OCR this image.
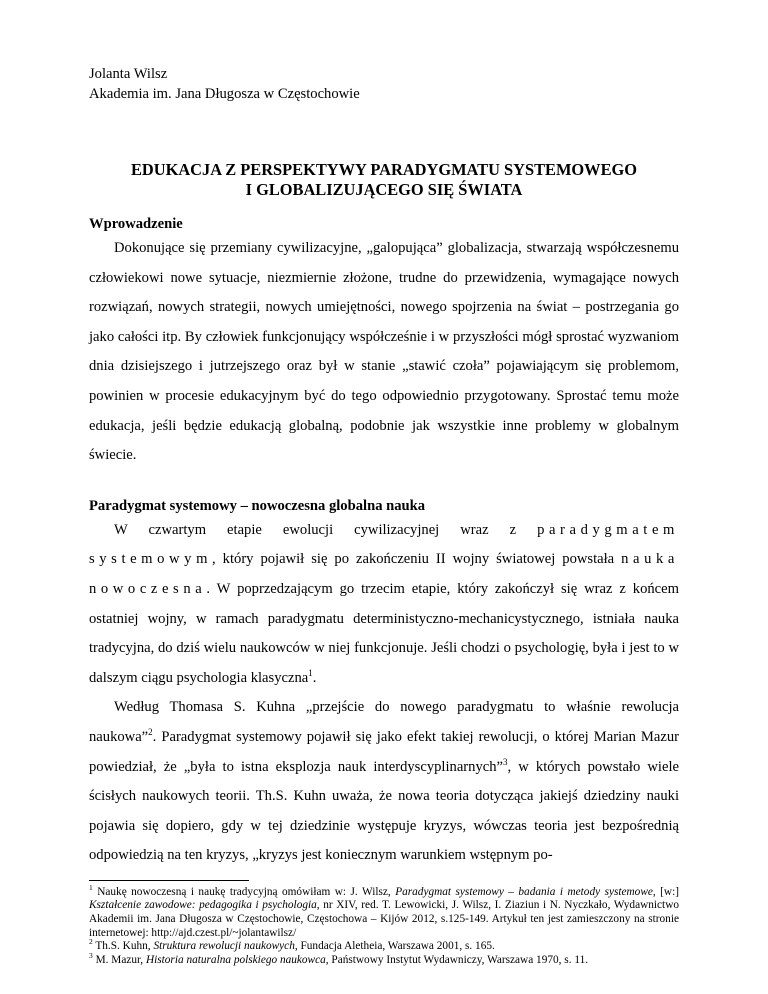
Jolanta Wilsz
Akademia im. Jana Długosza w Częstochowie
EDUKACJA Z PERSPEKTYWY PARADYGMATU SYSTEMOWEGO
I GLOBALIZUJĄCEGO SIĘ ŚWIATA
Wprowadzenie

Dokonujące się przemiany cywilizacyjne, „galopująca” globalizacja, stwarzają współczesnemu człowiekowi nowe sytuacje, niezmiernie złożone, trudne do przewidzenia, wymagające nowych rozwiązań, nowych strategii, nowych umiejętności, nowego spojrzenia na świat – postrzegania go jako całości itp. By człowiek funkcjonujący współcześnie i w przyszłości mógł sprostać wyzwaniom dnia dzisiejszego i jutrzejszego oraz był w stanie „stawić czoła” pojawiającym się problemom, powinien w procesie edukacyjnym być do tego odpowiednio przygotowany. Sprostać temu może edukacja, jeśli będzie edukacją globalną, podobnie jak wszystkie inne problemy w globalnym świecie.

Paradygmat systemowy – nowoczesna globalna nauka

W czwartym etapie ewolucji cywilizacyjnej wraz z paradygmatem systemowym, który pojawił się po zakończeniu II wojny światowej powstała nauka nowoczesna. W poprzedzającym go trzecim etapie, który zakończył się wraz z końcem ostatniej wojny, w ramach paradygmatu deterministyczno-mechanicystycznego, istniała nauka tradycyjna, do dziś wielu naukowców w niej funkcjonuje. Jeśli chodzi o psychologię, była i jest to w dalszym ciągu psychologia klasyczna$^1$.

Według Thomasa S. Kuhna „przejście do nowego paradygmatu to właśnie rewolucja naukowa”$^2$. Paradygmat systemowy pojawił się jako efekt takiej rewolucji, o której Marian Mazur powiedział, że „była to istna eksplozja nauk interdyscyplinarnych”$^3$, w których powstało wiele ścisłych naukowych teorii. Th.S. Kuhn uważa, że nowa teoria dotycząca jakiejś dziedziny nauki pojawia się dopiero, gdy w tej dziedzinie występuje kryzys, wówczas teoria jest bezpośrednią odpowiedzią na ten kryzys, „kryzys jest koniecznym warunkiem wstępnym po-

$^1$ Naukę nowoczesną i naukę tradycyjną omówiłam w: J. Wilsz, Paradygmat systemowy – badania i metody systemowe, [w:] Kształcenie zawodowe: pedagogika i psychologia, nr XIV, red. T. Lewowicki, J. Wilsz, I. Ziaziun i N. Nyczkało, Wydawnictwo Akademii im. Jana Długosza w Częstochowie, Częstochowa – Kijów 2012, s.125-149. Artykuł ten jest zamieszczony na stronie internetowej: http://ajd.czest.pl/~jolantawilsz/

$^2$ Th.S. Kuhn, Struktura rewolucji naukowych, Fundacja Aletheia, Warszawa 2001, s. 165.

$^3$ M. Mazur, Historia naturalna polskiego naukowca, Państwowy Instytut Wydawniczy, Warszawa 1970, s. 11.
